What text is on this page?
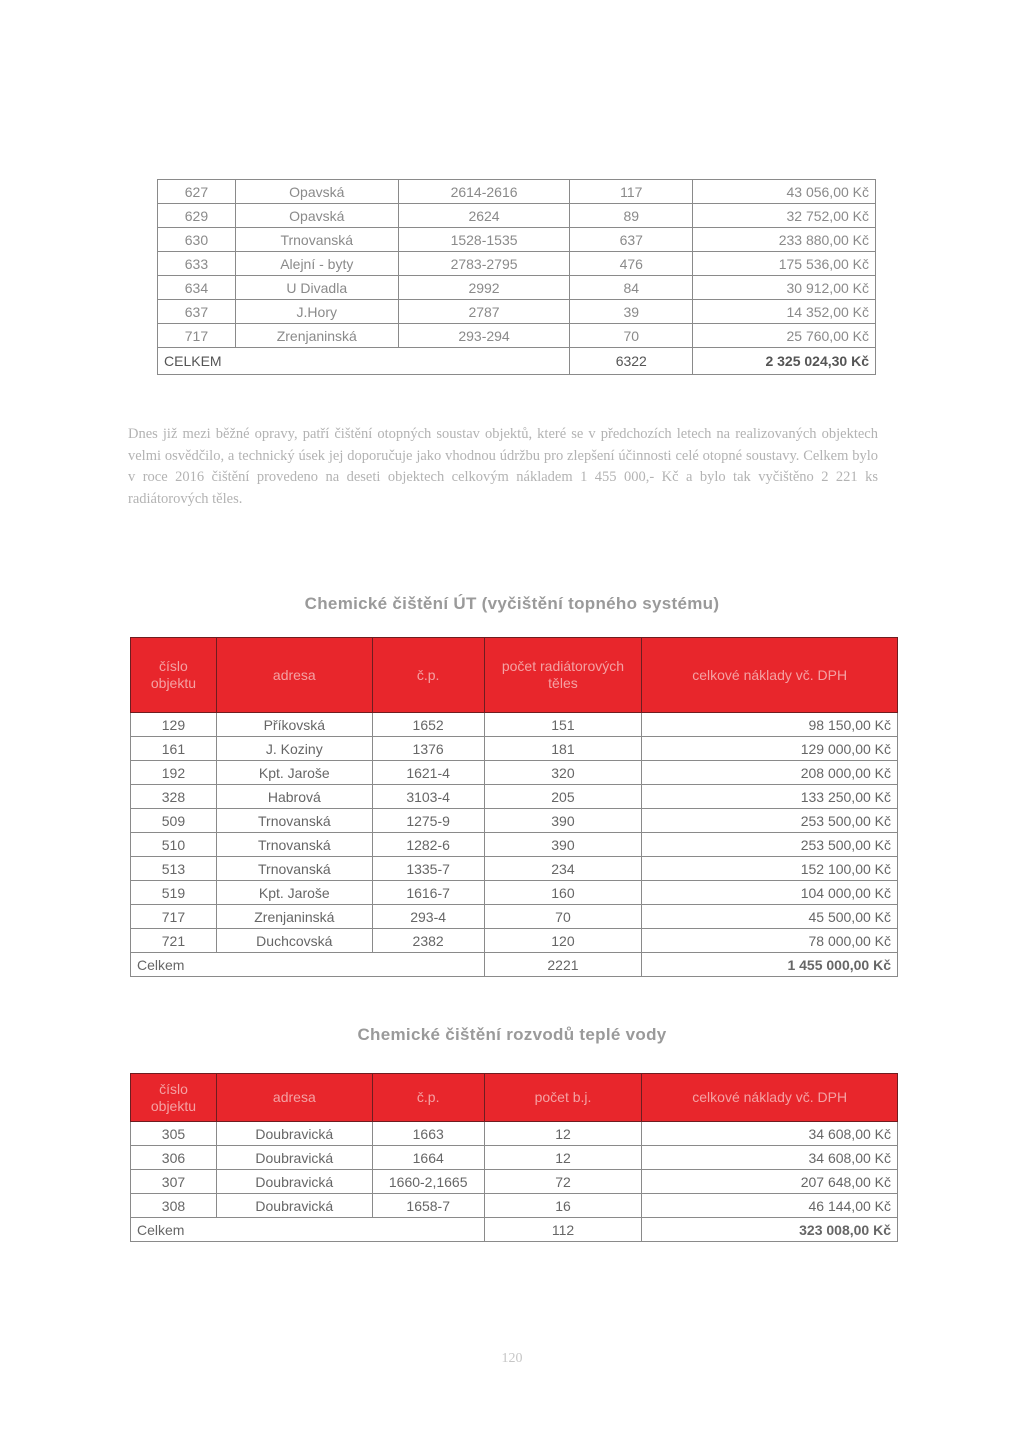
627	Opavská	2614-2616	117	43 056,00 Kč
629	Opavská	2624	89	32 752,00 Kč
630	Trnovanská	1528-1535	637	233 880,00 Kč
633	Alejní - byty	2783-2795	476	175 536,00 Kč
634	U Divadla	2992	84	30 912,00 Kč
637	J.Hory	2787	39	14 352,00 Kč
717	Zrenjaninská	293-294	70	25 760,00 Kč
CELKEM			6322	2 325 024,30 Kč

Dnes již mezi běžné opravy, patří čištění otopných soustav objektů, které se v předchozích letech na realizovaných objektech velmi osvědčilo, a technický úsek jej doporučuje jako vhodnou údržbu pro zlepšení účinnosti celé otopné soustavy. Celkem bylo v roce 2016 čištění provedeno na deseti objektech celkovým nákladem 1 455 000,- Kč a bylo tak vyčištěno 2 221 ks radiátorových těles.

Chemické čištění ÚT (vyčištění topného systému)
číslo objektu	adresa	č.p.	počet radiátorových těles	celkové náklady vč. DPH
129	Příkovská	1652	151	98 150,00 Kč
161	J. Koziny	1376	181	129 000,00 Kč
192	Kpt. Jaroše	1621-4	320	208 000,00 Kč
328	Habrová	3103-4	205	133 250,00 Kč
509	Trnovanská	1275-9	390	253 500,00 Kč
510	Trnovanská	1282-6	390	253 500,00 Kč
513	Trnovanská	1335-7	234	152 100,00 Kč
519	Kpt. Jaroše	1616-7	160	104 000,00 Kč
717	Zrenjaninská	293-4	70	45 500,00 Kč
721	Duchcovská	2382	120	78 000,00 Kč
Celkem			2221	1 455 000,00 Kč
Chemické čištění rozvodů teplé vody
číslo objektu	adresa	č.p.	počet b.j.	celkové náklady vč. DPH
305	Doubravická	1663	12	34 608,00 Kč
306	Doubravická	1664	12	34 608,00 Kč
307	Doubravická	1660-2,1665	72	207 648,00 Kč
308	Doubravická	1658-7	16	46 144,00 Kč
Celkem			112	323 008,00 Kč
120
